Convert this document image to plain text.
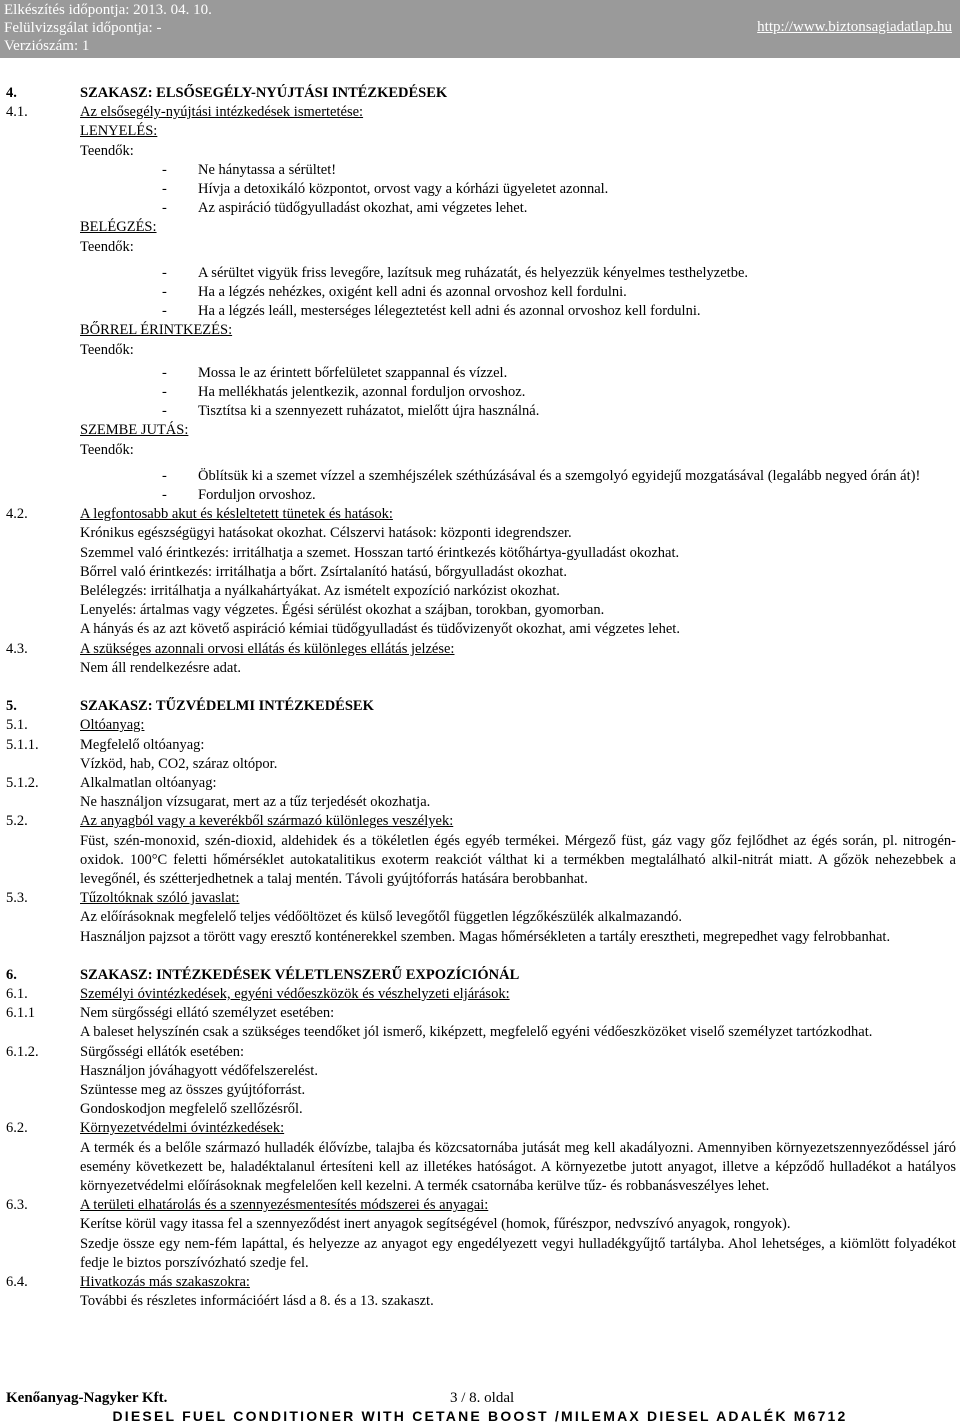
Elkészítés időpontja: 2013. 04. 10.
Felülvizsgálat időpontja: -
Verziószám: 1
http://www.biztonsagiadatlap.hu
4.	SZAKASZ: ELSŐSEGÉLY-NYÚJTÁSI INTÉZKEDÉSEK
4.1.	Az elsősegély-nyújtási intézkedések ismertetése:
LENYELÉS:
Teendők:
-	Ne hánytassa a sérültet!
-	Hívja a detoxikáló központot, orvost vagy a kórházi ügyeletet azonnal.
-	Az aspiráció tüdőgyulladást okozhat, ami végzetes lehet.
BELÉGZÉS:
Teendők:
-	A sérültet vigyük friss levegőre, lazítsuk meg ruházatát, és helyezzük kényelmes testhelyzetbe.
-	Ha a légzés nehézkes, oxigént kell adni és azonnal orvoshoz kell fordulni.
-	Ha a légzés leáll, mesterséges lélegeztetést kell adni és azonnal orvoshoz kell fordulni.
BŐRREL ÉRINTKEZÉS:
Teendők:
-	Mossa le az érintett bőrfelületet szappannal és vízzel.
-	Ha mellékhatás jelentkezik, azonnal forduljon orvoshoz.
-	Tisztítsa ki a szennyezett ruházatot, mielőtt újra használná.
SZEMBE JUTÁS:
Teendők:
-	Öblítsük ki a szemet vízzel a szemhéjszélek széthúzásával és a szemgolyó egyidejű mozgatásával (legalább negyed órán át)!
-	Forduljon orvoshoz.
4.2.	A legfontosabb akut és késleltetett tünetek és hatások:
Krónikus egészségügyi hatásokat okozhat. Célszervi hatások: központi idegrendszer.
Szemmel való érintkezés: irritálhatja a szemet. Hosszan tartó érintkezés kötőhártya-gyulladást okozhat.
Bőrrel való érintkezés: irritálhatja a bőrt. Zsírtalanító hatású, bőrgyulladást okozhat.
Belélegzés: irritálhatja a nyálkahártyákat. Az ismételt expozíció narkózist okozhat.
Lenyelés: ártalmas vagy végzetes. Égési sérülést okozhat a szájban, torokban, gyomorban.
A hányás és az azt követő aspiráció kémiai tüdőgyulladást és tüdővizenyőt okozhat, ami végzetes lehet.
4.3.	A szükséges azonnali orvosi ellátás és különleges ellátás jelzése:
Nem áll rendelkezésre adat.
5.	SZAKASZ: TŰZVÉDELMI INTÉZKEDÉSEK
5.1.	Oltóanyag:
5.1.1.	Megfelelő oltóanyag:
Vízköd, hab, CO2, száraz oltópor.
5.1.2.	Alkalmatlan oltóanyag:
Ne használjon vízsugarat, mert az a tűz terjedését okozhatja.
5.2.	Az anyagból vagy a keverékből származó különleges veszélyek:
Füst, szén-monoxid, szén-dioxid, aldehidek és a tökéletlen égés egyéb termékei. Mérgező füst, gáz vagy gőz fejlődhet az égés során, pl. nitrogén-oxidok. 100°C feletti hőmérséklet autokatalitikus exoterm reakciót válthat ki a termékben megtalálható alkil-nitrát miatt. A gőzök nehezebbek a levegőnél, és szétterjedhetnek a talaj mentén. Távoli gyújtóforrás hatására berobbanhat.
5.3.	Tűzoltóknak szóló javaslat:
Az előírásoknak megfelelő teljes védőöltözet és külső levegőtől független légzőkészülék alkalmazandó.
Használjon pajzsot a törött vagy eresztő konténerekkel szemben. Magas hőmérsékleten a tartály eresztheti, megrepedhet vagy felrobbanhat.
6.	SZAKASZ: INTÉZKEDÉSEK VÉLETLENSZERŰ EXPOZÍCIÓNÁL
6.1.	Személyi óvintézkedések, egyéni védőeszközök és vészhelyzeti eljárások:
6.1.1	Nem sürgősségi ellátó személyzet esetében:
A baleset helyszínén csak a szükséges teendőket jól ismerő, kiképzett, megfelelő egyéni védőeszközöket viselő személyzet tartózkodhat.
6.1.2.	Sürgősségi ellátók esetében:
Használjon jóváhagyott védőfelszerelést.
Szüntesse meg az összes gyújtóforrást.
Gondoskodjon megfelelő szellőzésről.
6.2.	Környezetvédelmi óvintézkedések:
A termék és a belőle származó hulladék élővízbe, talajba és közcsatornába jutását meg kell akadályozni. Amennyiben környezetszennyeződéssel járó esemény következett be, haladéktalanul értesíteni kell az illetékes hatóságot. A környezetbe jutott anyagot, illetve a képződő hulladékot a hatályos környezetvédelmi előírásoknak megfelelően kell kezelni. A termék csatornába kerülve tűz- és robbanásveszélyes lehet.
6.3.	A területi elhatárolás és a szennyezésmentesítés módszerei és anyagai:
Kerítse körül vagy itassa fel a szennyeződést inert anyagok segítségével (homok, fűrészpor, nedvszívó anyagok, rongyok).
Szedje össze egy nem-fém lapáttal, és helyezze az anyagot egy engedélyezett vegyi hulladékgyűjtő tartályba. Ahol lehetséges, a kiömlött folyadékot fedje le biztos porszívózható szedje fel.
6.4.	Hivatkozás más szakaszokra:
További és részletes információért lásd a 8. és a 13. szakaszt.
Kenőanyag-Nagyker Kft.	3 / 8. oldal
DIESEL FUEL CONDITIONER WITH CETANE BOOST /MILEMAX DIESEL ADALÉK M6712
